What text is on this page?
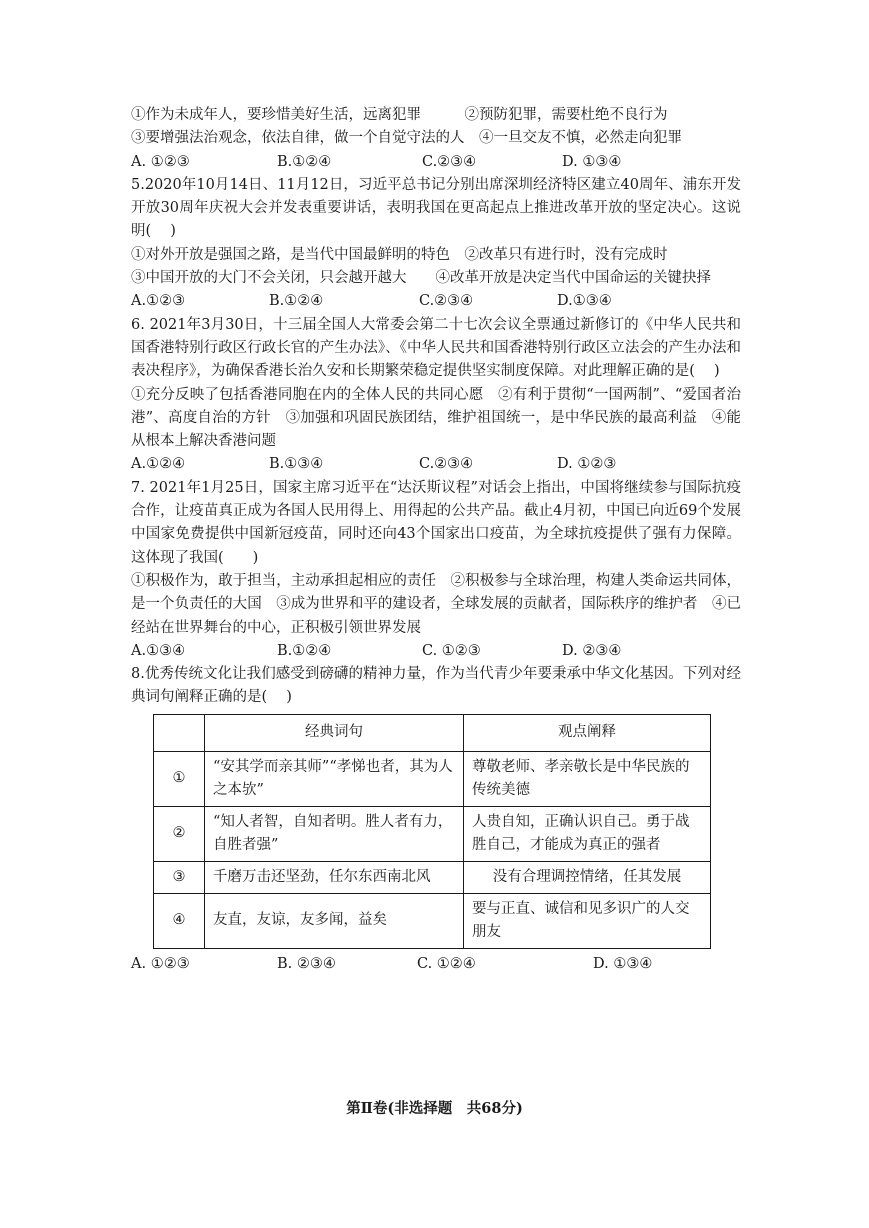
①作为未成年人，要珍惜美好生活，远离犯罪　　　②预防犯罪，需要杜绝不良行为

③要增强法治观念，依法自律，做一个自觉守法的人　④一旦交友不慎，必然走向犯罪

A. ①②③	B.①②④	C.②③④	D. ①③④

5.2020年10月14日、11月12日，习近平总书记分别出席深圳经济特区建立40周年、浦东开发开放30周年庆祝大会并发表重要讲话，表明我国在更高起点上推进改革开放的坚定决心。这说明(　 )

①对外开放是强国之路，是当代中国最鲜明的特色　②改革只有进行时，没有完成时

③中国开放的大门不会关闭，只会越开越大　　④改革开放是决定当代中国命运的关键抉择

A.①②③	B.①②④	C.②③④	D.①③④

6. 2021年3月30日，十三届全国人大常委会第二十七次会议全票通过新修订的《中华人民共和国香港特别行政区行政长官的产生办法》、《中华人民共和国香港特别行政区立法会的产生办法和表决程序》，为确保香港长治久安和长期繁荣稳定提供坚实制度保障。对此理解正确的是(　 )

①充分反映了包括香港同胞在内的全体人民的共同心愿　②有利于贯彻“一国两制”、“爱国者治港”、高度自治的方针　③加强和巩固民族团结，维护祖国统一，是中华民族的最高利益　④能从根本上解决香港问题

A.①②④	B.①③④	C.②③④	D. ①②③

7. 2021年1月25日，国家主席习近平在“达沃斯议程”对话会上指出，中国将继续参与国际抗疫合作，让疫苗真正成为各国人民用得上、用得起的公共产品。截止4月初，中国已向近69个发展中国家免费提供中国新冠疫苗，同时还向43个国家出口疫苗，为全球抗疫提供了强有力保障。这体现了我国(　　)

①积极作为，敢于担当，主动承担起相应的责任　②积极参与全球治理，构建人类命运共同体，是一个负责任的大国　③成为世界和平的建设者，全球发展的贡献者，国际秩序的维护者　④已经站在世界舞台的中心，正积极引领世界发展

A.①③④	B.①②④	C. ①②③	D. ②③④

8.优秀传统文化让我们感受到磅礴的精神力量，作为当代青少年要秉承中华文化基因。下列对经典词句阐释正确的是(　 )

	经典词句	观点阐释
①	“安其学而亲其师”“孝悌也者，其为人之本欤”	尊敬老师、孝亲敬长是中华民族的传统美德
②	“知人者智，自知者明。胜人者有力，自胜者强”	人贵自知，正确认识自己。勇于战胜自己，才能成为真正的强者
③	千磨万击还坚劲，任尔东西南北风	没有合理调控情绪，任其发展
④	友直，友谅，友多闻，益矣	要与正直、诚信和见多识广的人交朋友

A. ①②③	B. ②③④	C. ①②④	D. ①③④

第Ⅱ卷(非选择题　共68分)
